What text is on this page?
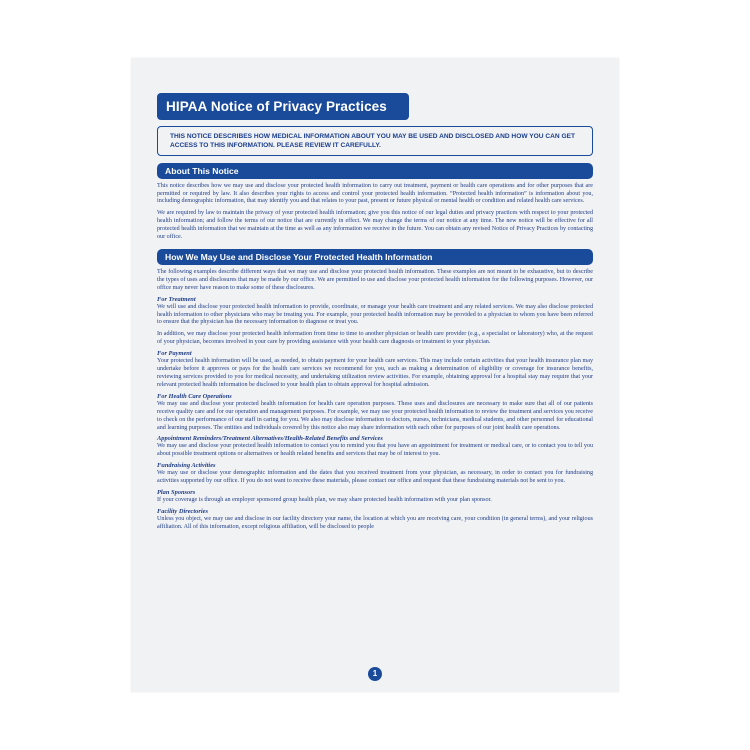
HIPAA Notice of Privacy Practices
THIS NOTICE DESCRIBES HOW MEDICAL INFORMATION ABOUT YOU MAY BE USED AND DISCLOSED AND HOW YOU CAN GET ACCESS TO THIS INFORMATION. PLEASE REVIEW IT CAREFULLY.
About This Notice

This notice describes how we may use and disclose your protected health information to carry out treatment, payment or health care operations and for other purposes that are permitted or required by law. It also describes your rights to access and control your protected health information. “Protected health information” is information about you, including demographic information, that may identify you and that relates to your past, present or future physical or mental health or condition and related health care services.

We are required by law to maintain the privacy of your protected health information; give you this notice of our legal duties and privacy practices with respect to your protected health information; and follow the terms of our notice that are currently in effect. We may change the terms of our notice at any time. The new notice will be effective for all protected health information that we maintain at the time as well as any information we receive in the future. You can obtain any revised Notice of Privacy Practices by contacting our office.

How We May Use and Disclose Your Protected Health Information

The following examples describe different ways that we may use and disclose your protected health information. These examples are not meant to be exhaustive, but to describe the types of uses and disclosures that may be made by our office. We are permitted to use and disclose your protected health information for the following purposes. However, our office may never have reason to make some of these disclosures.

For Treatment

We will use and disclose your protected health information to provide, coordinate, or manage your health care treatment and any related services. We may also disclose protected health information to other physicians who may be treating you. For example, your protected health information may be provided to a physician to whom you have been referred to ensure that the physician has the necessary information to diagnose or treat you.

In addition, we may disclose your protected health information from time to time to another physician or health care provider (e.g., a specialist or laboratory) who, at the request of your physician, becomes involved in your care by providing assistance with your health care diagnosis or treatment to your physician.

For Payment

Your protected health information will be used, as needed, to obtain payment for your health care services. This may include certain activities that your health insurance plan may undertake before it approves or pays for the health care services we recommend for you, such as making a determination of eligibility or coverage for insurance benefits, reviewing services provided to you for medical necessity, and undertaking utilization review activities. For example, obtaining approval for a hospital stay may require that your relevant protected health information be disclosed to your health plan to obtain approval for hospital admission.

For Health Care Operations

We may use and disclose your protected health information for health care operation purposes. These uses and disclosures are necessary to make sure that all of our patients receive quality care and for our operation and management purposes. For example, we may use your protected health information to review the treatment and services you receive to check on the performance of our staff in caring for you. We also may disclose information to doctors, nurses, technicians, medical students, and other personnel for educational and learning purposes. The entities and individuals covered by this notice also may share information with each other for purposes of our joint health care operations.

Appointment Reminders/Treatment Alternatives/Health-Related Benefits and Services

We may use and disclose your protected health information to contact you to remind you that you have an appointment for treatment or medical care, or to contact you to tell you about possible treatment options or alternatives or health related benefits and services that may be of interest to you.

Fundraising Activities

We may use or disclose your demographic information and the dates that you received treatment from your physician, as necessary, in order to contact you for fundraising activities supported by our office. If you do not want to receive these materials, please contact our office and request that these fundraising materials not be sent to you.

Plan Sponsors

If your coverage is through an employer sponsored group health plan, we may share protected health information with your plan sponsor.

Facility Directories

Unless you object, we may use and disclose in our facility directory your name, the location at which you are receiving care, your condition (in general terms), and your religious affiliation. All of this information, except religious affiliation, will be disclosed to people

1
